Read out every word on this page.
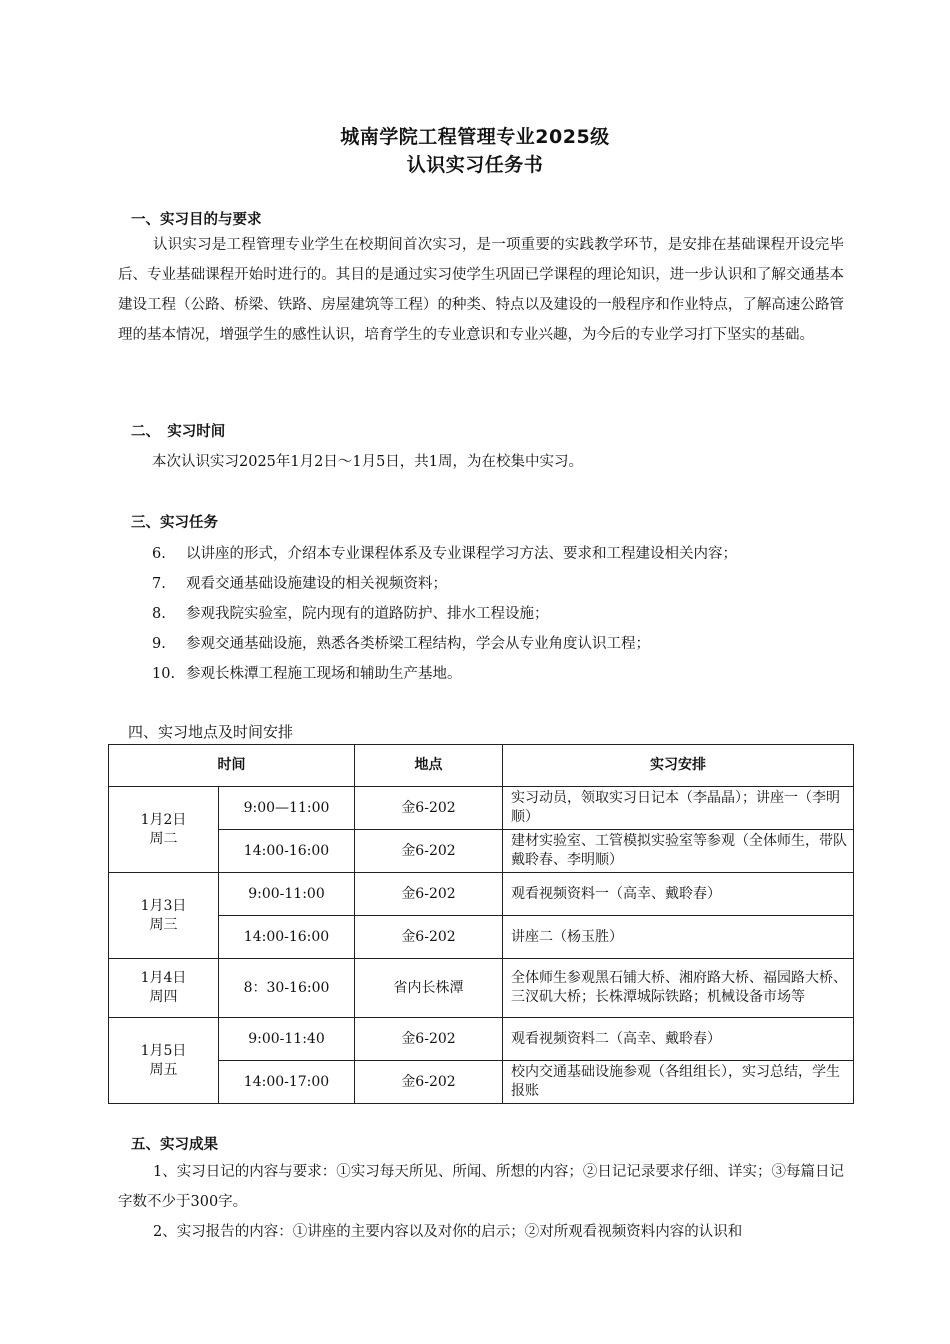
城南学院工程管理专业2025级
认识实习任务书
一、实习目的与要求

认识实习是工程管理专业学生在校期间首次实习，是一项重要的实践教学环节，是安排在基础课程开设完毕后、专业基础课程开始时进行的。其目的是通过实习使学生巩固已学课程的理论知识，进一步认识和了解交通基本建设工程（公路、桥梁、铁路、房屋建筑等工程）的种类、特点以及建设的一般程序和作业特点，了解高速公路管理的基本情况，增强学生的感性认识，培育学生的专业意识和专业兴趣，为今后的专业学习打下坚实的基础。

二、　实习时间
本次认识实习2025年1月2日～1月5日，共1周，为在校集中实习。
三、实习任务
6. 以讲座的形式，介绍本专业课程体系及专业课程学习方法、要求和工程建设相关内容；
7. 观看交通基础设施建设的相关视频资料；
8. 参观我院实验室，院内现有的道路防护、排水工程设施；
9. 参观交通基础设施，熟悉各类桥梁工程结构，学会从专业角度认识工程；
10. 参观长株潭工程施工现场和辅助生产基地。
四、实习地点及时间安排
时间		地点	实习安排

1月2日
周二	9:00—11:00	金6-202	实习动员，领取实习日记本（李晶晶）；讲座一（李明顺）
	14:00-16:00	金6-202	建材实验室、工管模拟实验室等参观（全体师生，带队戴聆春、李明顺）

1月3日
周三	9:00-11:00	金6-202	观看视频资料一（高幸、戴聆春）
	14:00-16:00	金6-202	讲座二（杨玉胜）

1月4日
周四	8：30-16:00	省内长株潭	全体师生参观黑石铺大桥、湘府路大桥、福园路大桥、三汊矶大桥；长株潭城际铁路；机械设备市场等

1月5日
周五	9:00-11:40	金6-202	观看视频资料二（高幸、戴聆春）
	14:00-17:00	金6-202	校内交通基础设施参观（各组组长），实习总结，学生报账
五、实习成果

1、实习日记的内容与要求：①实习每天所见、所闻、所想的内容；②日记记录要求仔细、详实；③每篇日记字数不少于300字。

2、实习报告的内容：①讲座的主要内容以及对你的启示；②对所观看视频资料内容的认识和
